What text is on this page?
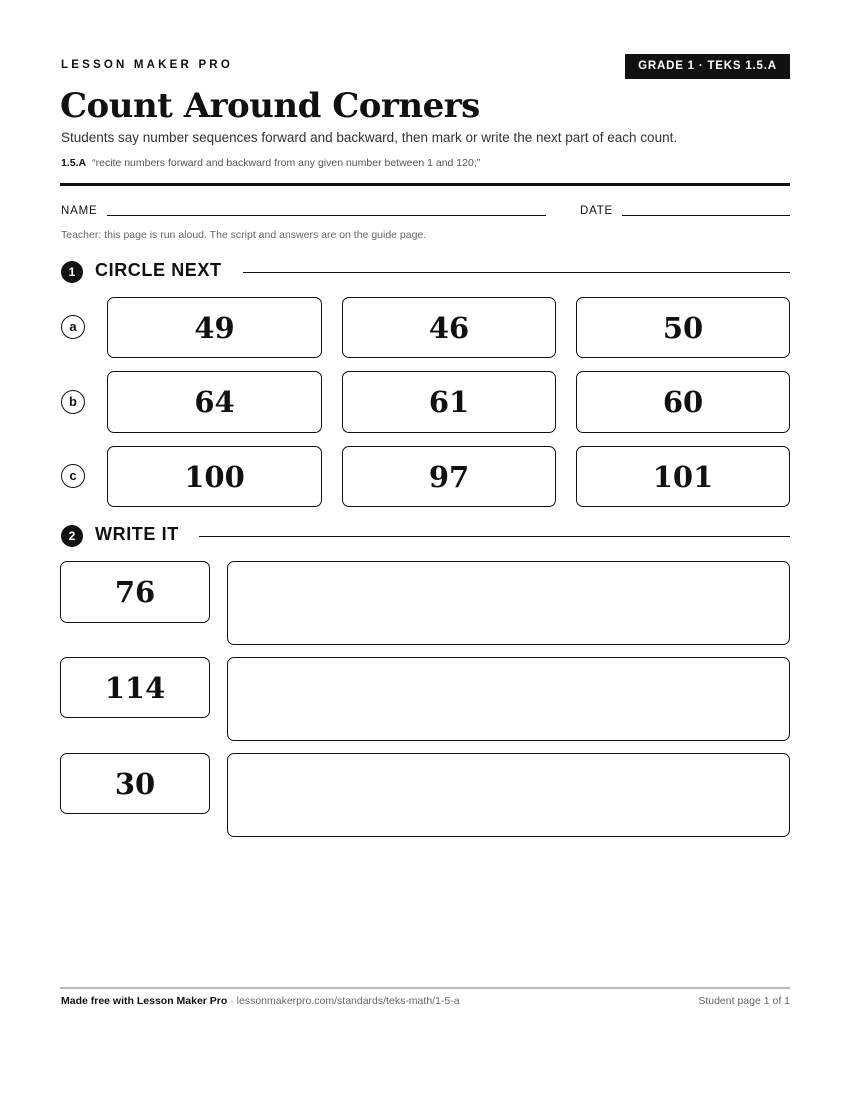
LESSON MAKER PRO	GRADE 1 · TEKS 1.5.A
Count Around Corners

Students say number sequences forward and backward, then mark or write the next part of each count.

1.5.A “recite numbers forward and backward from any given number between 1 and 120;”

NAME	DATE

Teacher: this page is run aloud. The script and answers are on the guide page.

1	CIRCLE NEXT
a	49	46	50
b	64	61	60
c	100	97	101
2	WRITE IT
76
114
30

Made free with Lesson Maker Pro · lessonmakerpro.com/standards/teks-math/1-5-a	Student page 1 of 1
